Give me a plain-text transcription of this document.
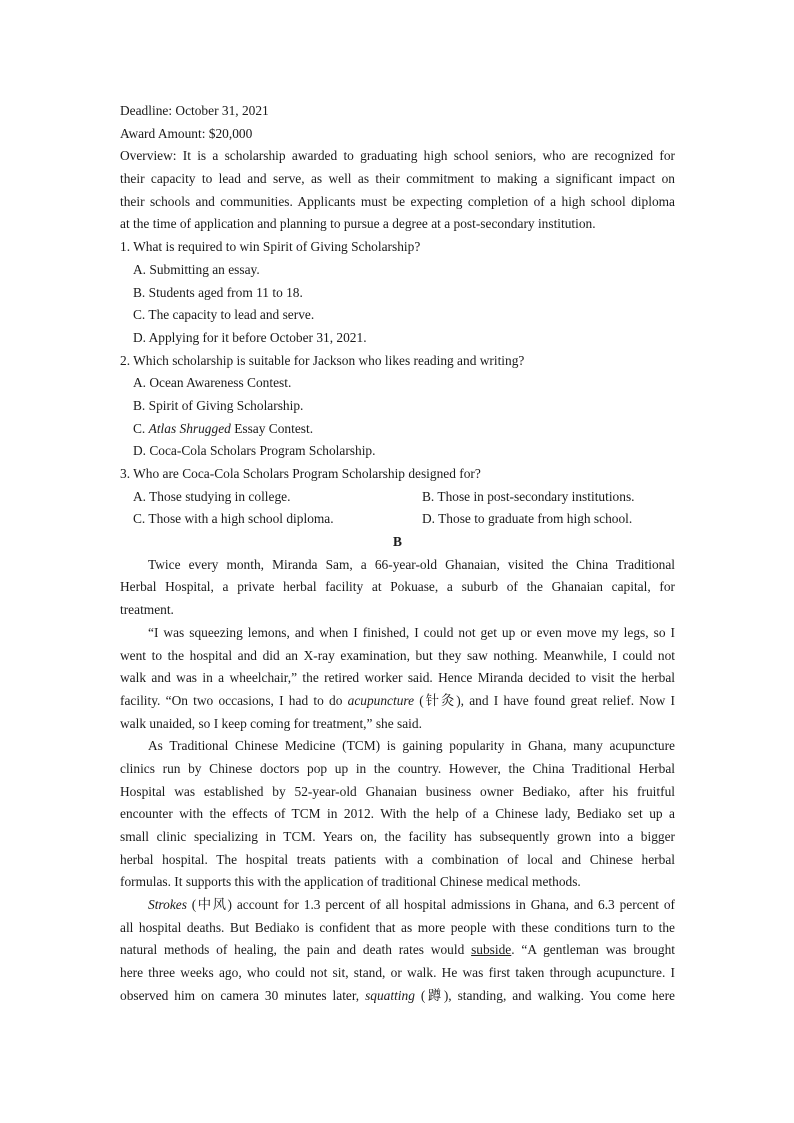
Deadline: October 31, 2021
Award Amount: $20,000
Overview: It is a scholarship awarded to graduating high school seniors, who are recognized for
their capacity to lead and serve, as well as their commitment to making a significant impact on
their schools and communities. Applicants must be expecting completion of a high school diploma
at the time of application and planning to pursue a degree at a post-secondary institution.
1. What is required to win Spirit of Giving Scholarship?
A. Submitting an essay.
B. Students aged from 11 to 18.
C. The capacity to lead and serve.
D. Applying for it before October 31, 2021.
2. Which scholarship is suitable for Jackson who likes reading and writing?
A. Ocean Awareness Contest.
B. Spirit of Giving Scholarship.
C. Atlas Shrugged Essay Contest.
D. Coca-Cola Scholars Program Scholarship.
3. Who are Coca-Cola Scholars Program Scholarship designed for?
A. Those studying in college.	B. Those in post-secondary institutions.
C. Those with a high school diploma.	D. Those to graduate from high school.
B
Twice every month, Miranda Sam, a 66-year-old Ghanaian, visited the China Traditional
Herbal Hospital, a private herbal facility at Pokuase, a suburb of the Ghanaian capital, for
treatment.
“I was squeezing lemons, and when I finished, I could not get up or even move my legs, so I
went to the hospital and did an X-ray examination, but they saw nothing. Meanwhile, I could not
walk and was in a wheelchair,” the retired worker said. Hence Miranda decided to visit the herbal
facility. “On two occasions, I had to do acupuncture (针灸), and I have found great relief. Now I
walk unaided, so I keep coming for treatment,” she said.
As Traditional Chinese Medicine (TCM) is gaining popularity in Ghana, many acupuncture
clinics run by Chinese doctors pop up in the country. However, the China Traditional Herbal
Hospital was established by 52-year-old Ghanaian business owner Bediako, after his fruitful
encounter with the effects of TCM in 2012. With the help of a Chinese lady, Bediako set up a
small clinic specializing in TCM. Years on, the facility has subsequently grown into a bigger
herbal hospital. The hospital treats patients with a combination of local and Chinese herbal
formulas. It supports this with the application of traditional Chinese medical methods.
Strokes (中风) account for 1.3 percent of all hospital admissions in Ghana, and 6.3 percent of
all hospital deaths. But Bediako is confident that as more people with these conditions turn to the
natural methods of healing, the pain and death rates would subside. “A gentleman was brought
here three weeks ago, who could not sit, stand, or walk. He was first taken through acupuncture. I
observed him on camera 30 minutes later, squatting (蹲), standing, and walking. You come here
